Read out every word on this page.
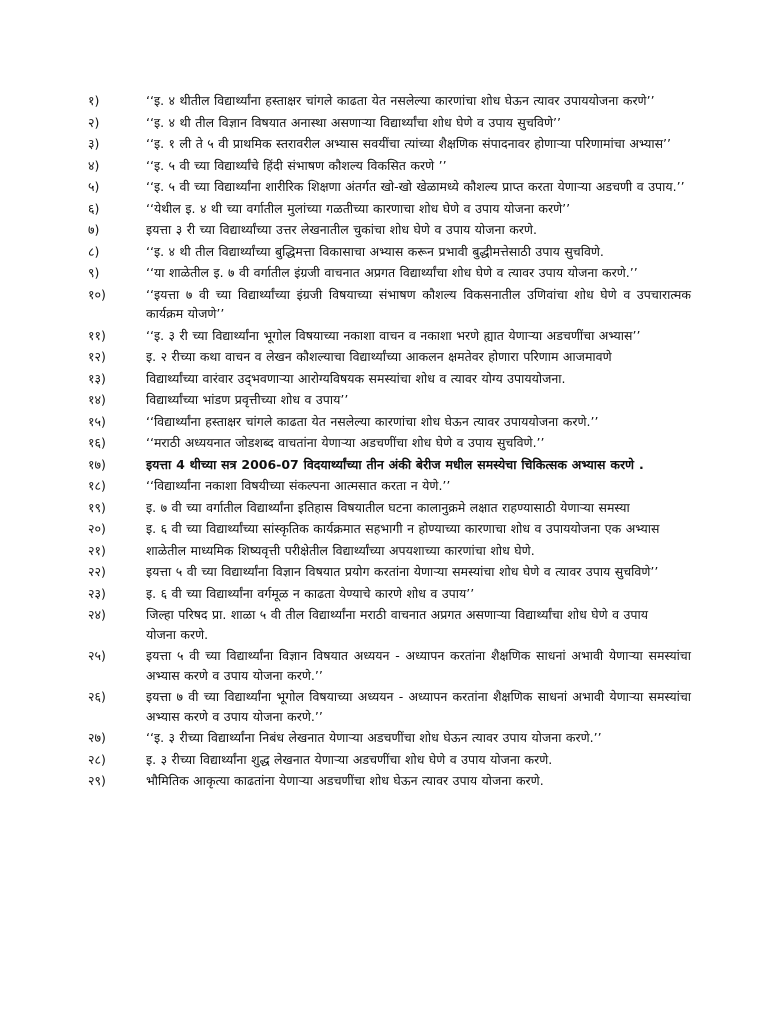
१)	‘‘इ. ४ थीतील विद्यार्थ्यांना हस्ताक्षर चांगले काढता येत नसलेल्या कारणांचा शोध घेऊन त्यावर उपाययोजना करणे’’
२)	‘‘इ. ४ थी तील विज्ञान विषयात अनास्था असणाऱ्या विद्यार्थ्यांचा शोध घेणे व उपाय सुचविणे’’
३)	‘‘इ. १ ली ते ५ वी प्राथमिक स्तरावरील अभ्यास सवयींचा त्यांच्या शैक्षणिक संपादनावर होणाऱ्या परिणामांचा अभ्यास’’
४)	‘‘इ. ५ वी च्या विद्यार्थ्यांचे हिंदी संभाषण कौशल्य विकसित करणे ’’
५)	‘‘इ. ५ वी च्या विद्यार्थ्यांना शारीरिक शिक्षणा अंतर्गत खो-खो खेळामध्ये कौशल्य प्राप्त करता येणाऱ्या अडचणी व उपाय.’’
६)	‘‘येथील इ. ४ थी च्या वर्गातील मुलांच्या गळतीच्या कारणाचा शोध घेणे व उपाय योजना करणे’’
७)	इयत्ता ३ री च्या विद्यार्थ्यांच्या उत्तर लेखनातील चुकांचा शोध घेणे व उपाय योजना करणे.
८)	‘‘इ. ४ थी तील विद्यार्थ्यांच्या बुद्धिमत्ता विकासाचा अभ्यास करून प्रभावी बुद्धीमत्तेसाठी उपाय सुचविणे.
९)	‘‘या शाळेतील इ. ७ वी वर्गातील इंग्रजी वाचनात अप्रगत विद्यार्थ्यांचा शोध घेणे व त्यावर उपाय योजना करणे.’’
१०)	‘‘इयत्ता ७ वी च्या विद्यार्थ्यांच्या इंग्रजी विषयाच्या संभाषण कौशल्य विकसनातील उणिवांचा शोध घेणे व उपचारात्मक कार्यक्रम योजणे’’
११)	‘‘इ. ३ री च्या विद्यार्थ्यांना भूगोल विषयाच्या नकाशा वाचन व नकाशा भरणे ह्यात येणाऱ्या अडचणींचा अभ्यास’’
१२)	इ. २ रीच्या कथा वाचन व लेखन कौशल्याचा विद्यार्थ्यांच्या आकलन क्षमतेवर होणारा परिणाम आजमावणे
१३)	विद्यार्थ्यांच्या वारंवार उद्‌भवणाऱ्या आरोग्यविषयक समस्यांचा शोध व त्यावर योग्य उपाययोजना.
१४)	विद्यार्थ्यांच्या भांडण प्रवृत्तीच्या शोध व उपाय’’
१५)	‘‘विद्यार्थ्यांना हस्ताक्षर चांगले काढता येत नसलेल्या कारणांचा शोध घेऊन त्यावर उपाययोजना करणे.’’
१६)	‘‘मराठी अध्ययनात जोडशब्द वाचतांना येणाऱ्या अडचणींचा शोध घेणे व उपाय सुचविणे.’’
१७)	इयत्ता 4 थीच्या सत्र 2006-07 विदयार्थ्यांच्या तीन अंकी बेरीज मधील समस्येचा चिकित्सक अभ्यास करणे .
१८)	‘‘विद्यार्थ्यांना नकाशा विषयीच्या संकल्पना आत्मसात करता न येणे.’’
१९)	इ. ७ वी च्या वर्गातील विद्यार्थ्यांना इतिहास विषयातील घटना कालानुक्रमे लक्षात राहण्यासाठी येणाऱ्या समस्या
२०)	इ. ६ वी च्या विद्यार्थ्यांच्या सांस्कृतिक कार्यक्रमात सहभागी न होण्याच्या कारणाचा शोध व उपाययोजना एक अभ्यास
२१)	शाळेतील माध्यमिक शिष्यवृत्ती परीक्षेतील विद्यार्थ्यांच्या अपयशाच्या कारणांचा शोध घेणे.
२२)	इयत्ता ५ वी च्या विद्यार्थ्यांना विज्ञान विषयात प्रयोग करतांना येणाऱ्या समस्यांचा शोध घेणे व त्यावर उपाय सुचविणे’’
२३)	इ. ६ वी च्या विद्यार्थ्यांना वर्गमूळ न काढता येण्याचे कारणे शोध व उपाय’’
२४)	जिल्हा परिषद प्रा. शाळा ५ वी तील विद्यार्थ्यांना मराठी वाचनात अप्रगत असणाऱ्या विद्यार्थ्यांचा शोध घेणे व उपाय
योजना करणे.
२५)	इयत्ता ५ वी च्या विद्यार्थ्यांना विज्ञान विषयात अध्ययन - अध्यापन करतांना शैक्षणिक साधनां अभावी येणाऱ्या समस्यांचा अभ्यास करणे व उपाय योजना करणे.’’
२६)	इयत्ता ७ वी च्या विद्यार्थ्यांना भूगोल विषयाच्या अध्ययन - अध्यापन करतांना शैक्षणिक साधनां अभावी येणाऱ्या समस्यांचा अभ्यास करणे व उपाय योजना करणे.’’
२७)	‘‘इ. ३ रीच्या विद्यार्थ्यांना निबंध लेखनात येणाऱ्या अडचणींचा शोध घेऊन त्यावर उपाय योजना करणे.’’
२८)	इ. ३ रीच्या विद्यार्थ्यांना शुद्ध लेखनात येणाऱ्या अडचणींचा शोध घेणे व उपाय योजना करणे.
२९)	भौमितिक आकृत्या काढतांना येणाऱ्या अडचणींचा शोध घेऊन त्यावर उपाय योजना करणे.
